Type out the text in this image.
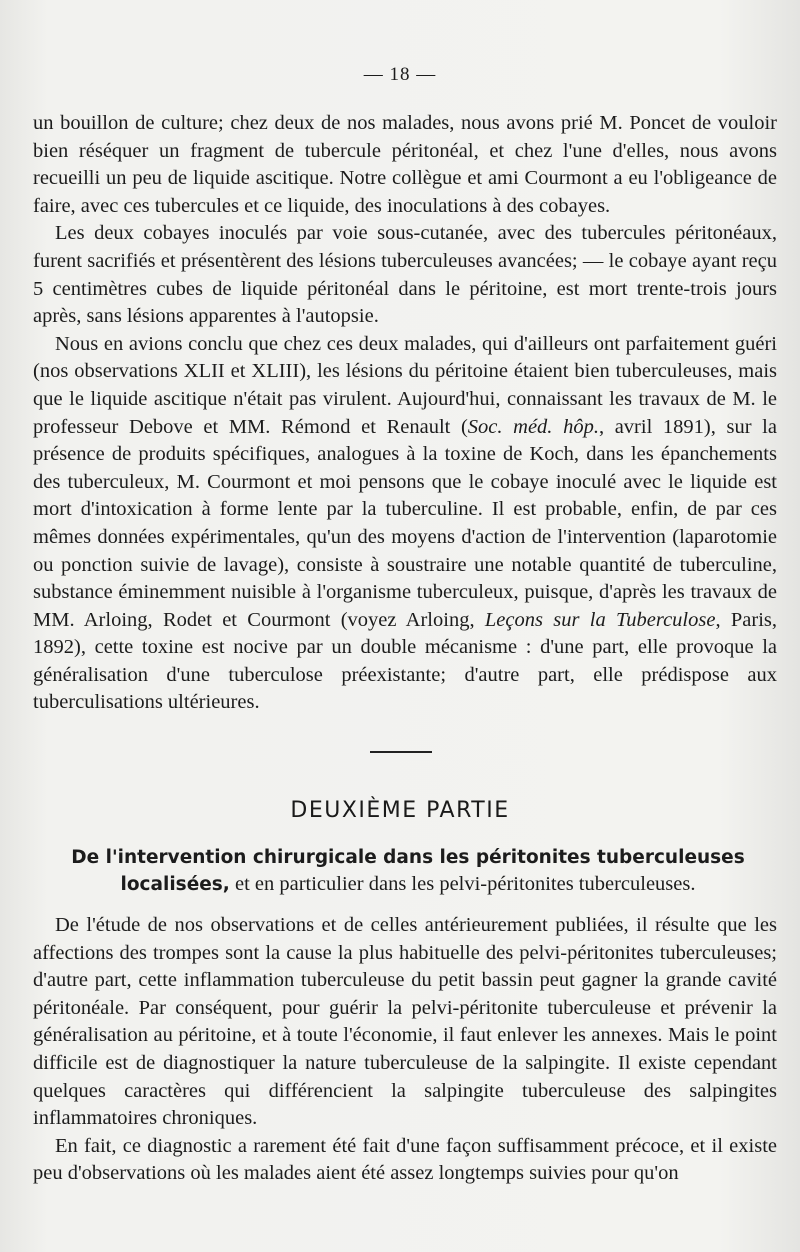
— 18 —

un bouillon de culture; chez deux de nos malades, nous avons prié M. Poncet de vouloir bien réséquer un fragment de tubercule péritonéal, et chez l'une d'elles, nous avons recueilli un peu de liquide ascitique. Notre collègue et ami Courmont a eu l'obligeance de faire, avec ces tubercules et ce liquide, des inoculations à des cobayes.

Les deux cobayes inoculés par voie sous-cutanée, avec des tubercules péritonéaux, furent sacrifiés et présentèrent des lésions tuberculeuses avancées; — le cobaye ayant reçu 5 centimètres cubes de liquide péritonéal dans le péritoine, est mort trente-trois jours après, sans lésions apparentes à l'autopsie.

Nous en avions conclu que chez ces deux malades, qui d'ailleurs ont parfaitement guéri (nos observations XLII et XLIII), les lésions du péritoine étaient bien tuberculeuses, mais que le liquide ascitique n'était pas virulent. Aujourd'hui, connaissant les travaux de M. le professeur Debove et MM. Rémond et Renault (Soc. méd. hôp., avril 1891), sur la présence de produits spécifiques, analogues à la toxine de Koch, dans les épanchements des tuberculeux, M. Courmont et moi pensons que le cobaye inoculé avec le liquide est mort d'intoxication à forme lente par la tuberculine. Il est probable, enfin, de par ces mêmes données expérimentales, qu'un des moyens d'action de l'intervention (laparotomie ou ponction suivie de lavage), consiste à soustraire une notable quantité de tuberculine, substance éminemment nuisible à l'organisme tuberculeux, puisque, d'après les travaux de MM. Arloing, Rodet et Courmont (voyez Arloing, Leçons sur la Tuberculose, Paris, 1892), cette toxine est nocive par un double mécanisme : d'une part, elle provoque la généralisation d'une tuberculose préexistante; d'autre part, elle prédispose aux tuberculisations ultérieures.

DEUXIÈME PARTIE
De l'intervention chirurgicale dans les péritonites tuberculeuses localisées, et en particulier dans les pelvi-péritonites tuberculeuses.

De l'étude de nos observations et de celles antérieurement publiées, il résulte que les affections des trompes sont la cause la plus habituelle des pelvi-péritonites tuberculeuses; d'autre part, cette inflammation tuberculeuse du petit bassin peut gagner la grande cavité péritonéale. Par conséquent, pour guérir la pelvi-péritonite tuberculeuse et prévenir la généralisation au péritoine, et à toute l'économie, il faut enlever les annexes. Mais le point difficile est de diagnostiquer la nature tuberculeuse de la salpingite. Il existe cependant quelques caractères qui différencient la salpingite tuberculeuse des salpingites inflammatoires chroniques.

En fait, ce diagnostic a rarement été fait d'une façon suffisamment précoce, et il existe peu d'observations où les malades aient été assez longtemps suivies pour qu'on
